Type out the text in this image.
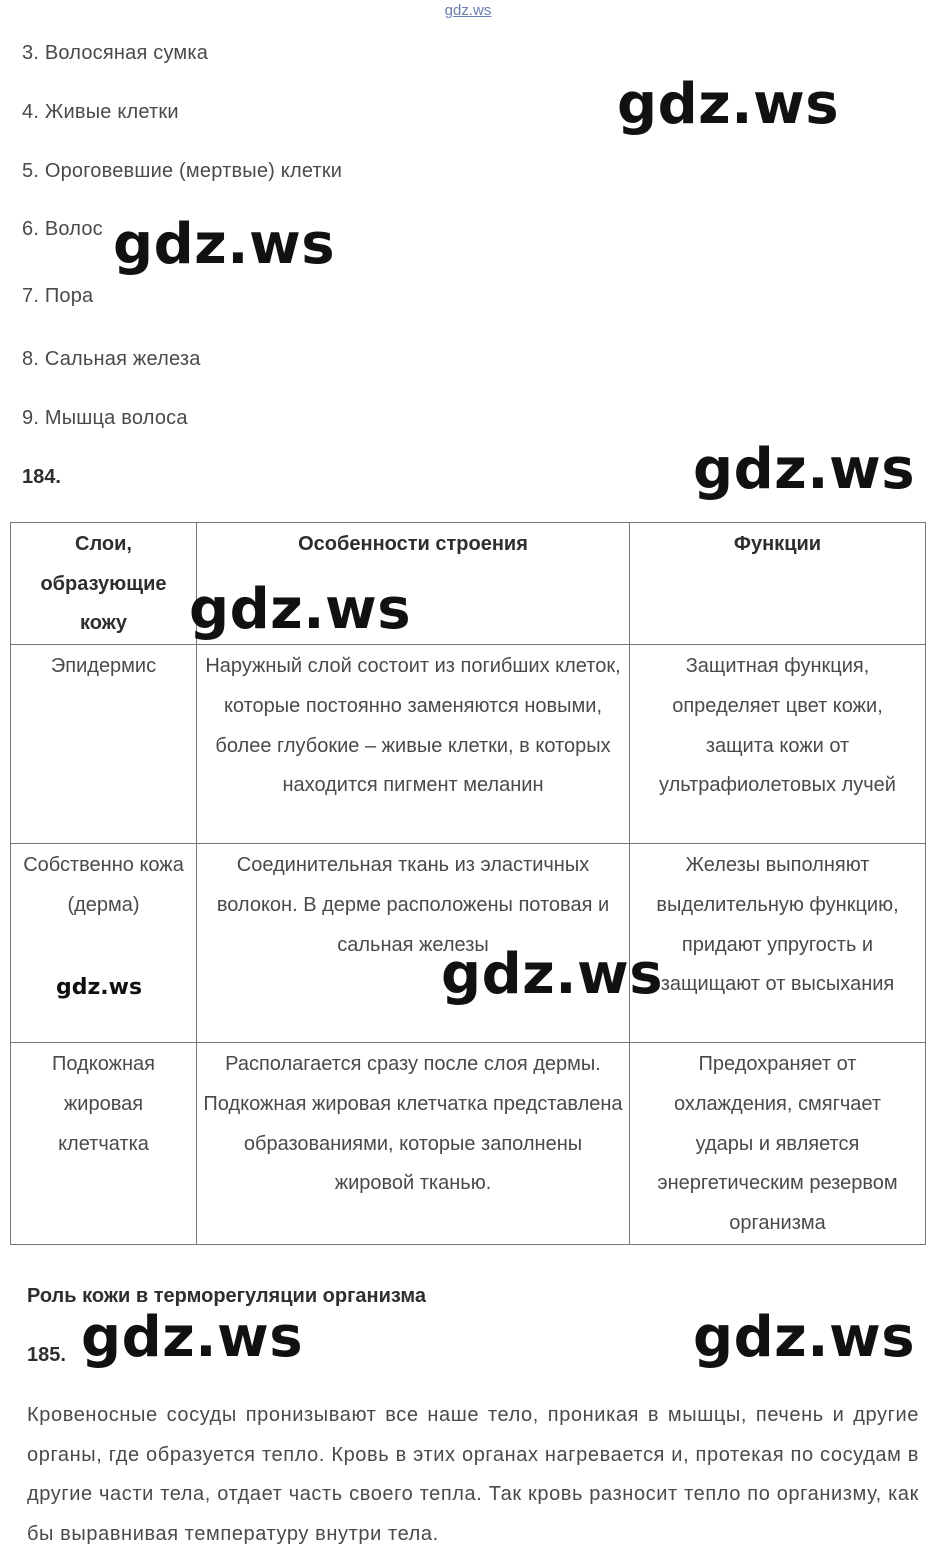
gdz.ws
3. Волосяная сумка
4. Живые клетки
5. Ороговевшие (мертвые) клетки
6. Волос
7. Пора
8. Сальная железа
9. Мышца волоса
184.
Слои, образующие кожу	Особенности строения	Функции
Эпидермис	Наружный слой состоит из погибших клеток, которые постоянно заменяются новыми, более глубокие – живые клетки, в которых находится пигмент меланин	Защитная функция, определяет цвет кожи, защита кожи от ультрафиолетовых лучей
Собственно кожа (дерма)	Соединительная ткань из эластичных волокон. В дерме расположены потовая и сальная железы	Железы выполняют выделительную функцию, придают упругость и защищают от высыхания
Подкожная жировая клетчатка	Располагается сразу после слоя дермы. Подкожная жировая клетчатка представлена образованиями, которые заполнены жировой тканью.	Предохраняет от охлаждения, смягчает удары и является энергетическим резервом организма
Роль кожи в терморегуляции организма
185.
Кровеносные сосуды пронизывают все наше тело, проникая в мышцы, печень и другие органы, где образуется тепло. Кровь в этих органах нагревается и, протекая по сосудам в другие части тела, отдает часть своего тепла. Так кровь разносит тепло по организму, как бы выравнивая температуру внутри тела.
gdz.ws
gdz.ws
gdz.ws
gdz.ws
gdz.ws	gdz.ws
gdz.ws	gdz.ws
